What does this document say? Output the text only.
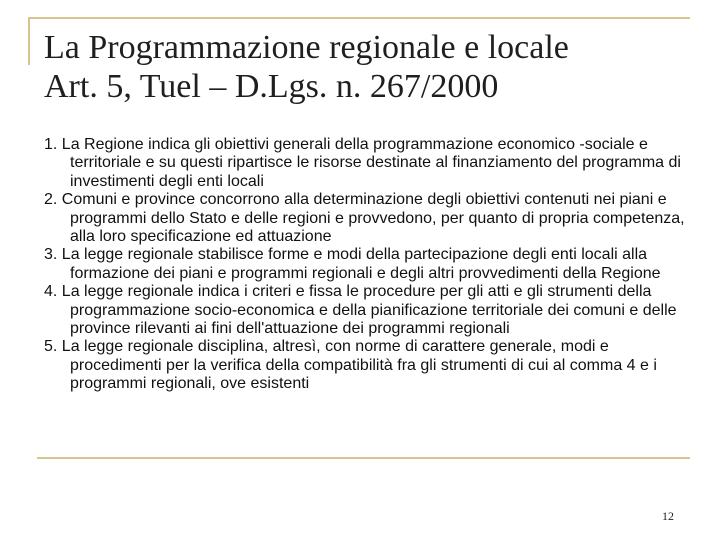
La Programmazione regionale e locale
Art. 5, Tuel – D.Lgs. n. 267/2000
1. La Regione indica gli obiettivi generali della programmazione economico -sociale e territoriale e su questi ripartisce le risorse destinate al finanziamento del programma di investimenti degli enti locali
2. Comuni e province concorrono alla determinazione degli obiettivi contenuti nei piani e programmi dello Stato e delle regioni e provvedono, per quanto di propria competenza, alla loro specificazione ed attuazione
3. La legge regionale stabilisce forme e modi della partecipazione degli enti locali alla formazione dei piani e programmi regionali e degli altri provvedimenti della Regione
4. La legge regionale indica i criteri e fissa le procedure per gli atti e gli strumenti della programmazione socio-economica e della pianificazione territoriale dei comuni e delle province rilevanti ai fini dell'attuazione dei programmi regionali
5. La legge regionale disciplina, altresì, con norme di carattere generale, modi e procedimenti per la verifica della compatibilità fra gli strumenti di cui al comma 4 e i programmi regionali, ove esistenti
12
